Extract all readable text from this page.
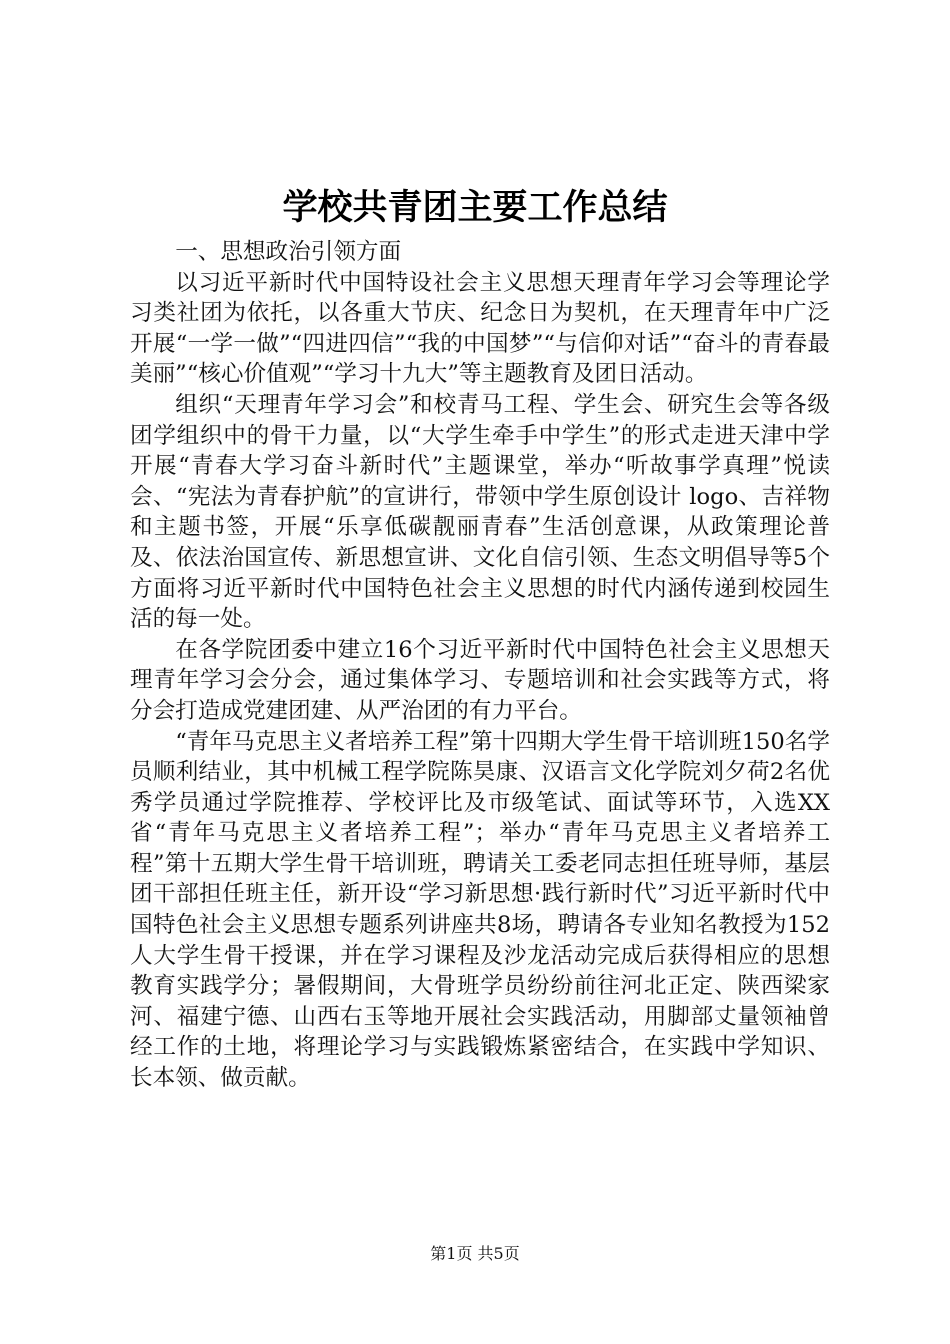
学校共青团主要工作总结

一、思想政治引领方面

以习近平新时代中国特设社会主义思想天理青年学习会等理论学习类社团为依托，以各重大节庆、纪念日为契机，在天理青年中广泛开展“一学一做”“四进四信”“我的中国梦”“与信仰对话”“奋斗的青春最美丽”“核心价值观”“学习十九大”等主题教育及团日活动。

组织“天理青年学习会”和校青马工程、学生会、研究生会等各级团学组织中的骨干力量，以“大学生牵手中学生”的形式走进天津中学开展“青春大学习奋斗新时代”主题课堂，举办“听故事学真理”悦读会、“宪法为青春护航”的宣讲行，带领中学生原创设计 logo、吉祥物和主题书签，开展“乐享低碳靓丽青春”生活创意课，从政策理论普及、依法治国宣传、新思想宣讲、文化自信引领、生态文明倡导等5个方面将习近平新时代中国特色社会主义思想的时代内涵传递到校园生活的每一处。

在各学院团委中建立16个习近平新时代中国特色社会主义思想天理青年学习会分会，通过集体学习、专题培训和社会实践等方式，将分会打造成党建团建、从严治团的有力平台。

“青年马克思主义者培养工程”第十四期大学生骨干培训班150名学员顺利结业，其中机械工程学院陈昊康、汉语言文化学院刘夕荷2名优秀学员通过学院推荐、学校评比及市级笔试、面试等环节，入选XX省“青年马克思主义者培养工程”；举办“青年马克思主义者培养工程”第十五期大学生骨干培训班，聘请关工委老同志担任班导师，基层团干部担任班主任，新开设“学习新思想·践行新时代”习近平新时代中国特色社会主义思想专题系列讲座共8场，聘请各专业知名教授为152人大学生骨干授课，并在学习课程及沙龙活动完成后获得相应的思想教育实践学分；暑假期间，大骨班学员纷纷前往河北正定、陕西梁家河、福建宁德、山西右玉等地开展社会实践活动，用脚部丈量领袖曾经工作的土地，将理论学习与实践锻炼紧密结合，在实践中学知识、长本领、做贡献。

第1页 共5页
